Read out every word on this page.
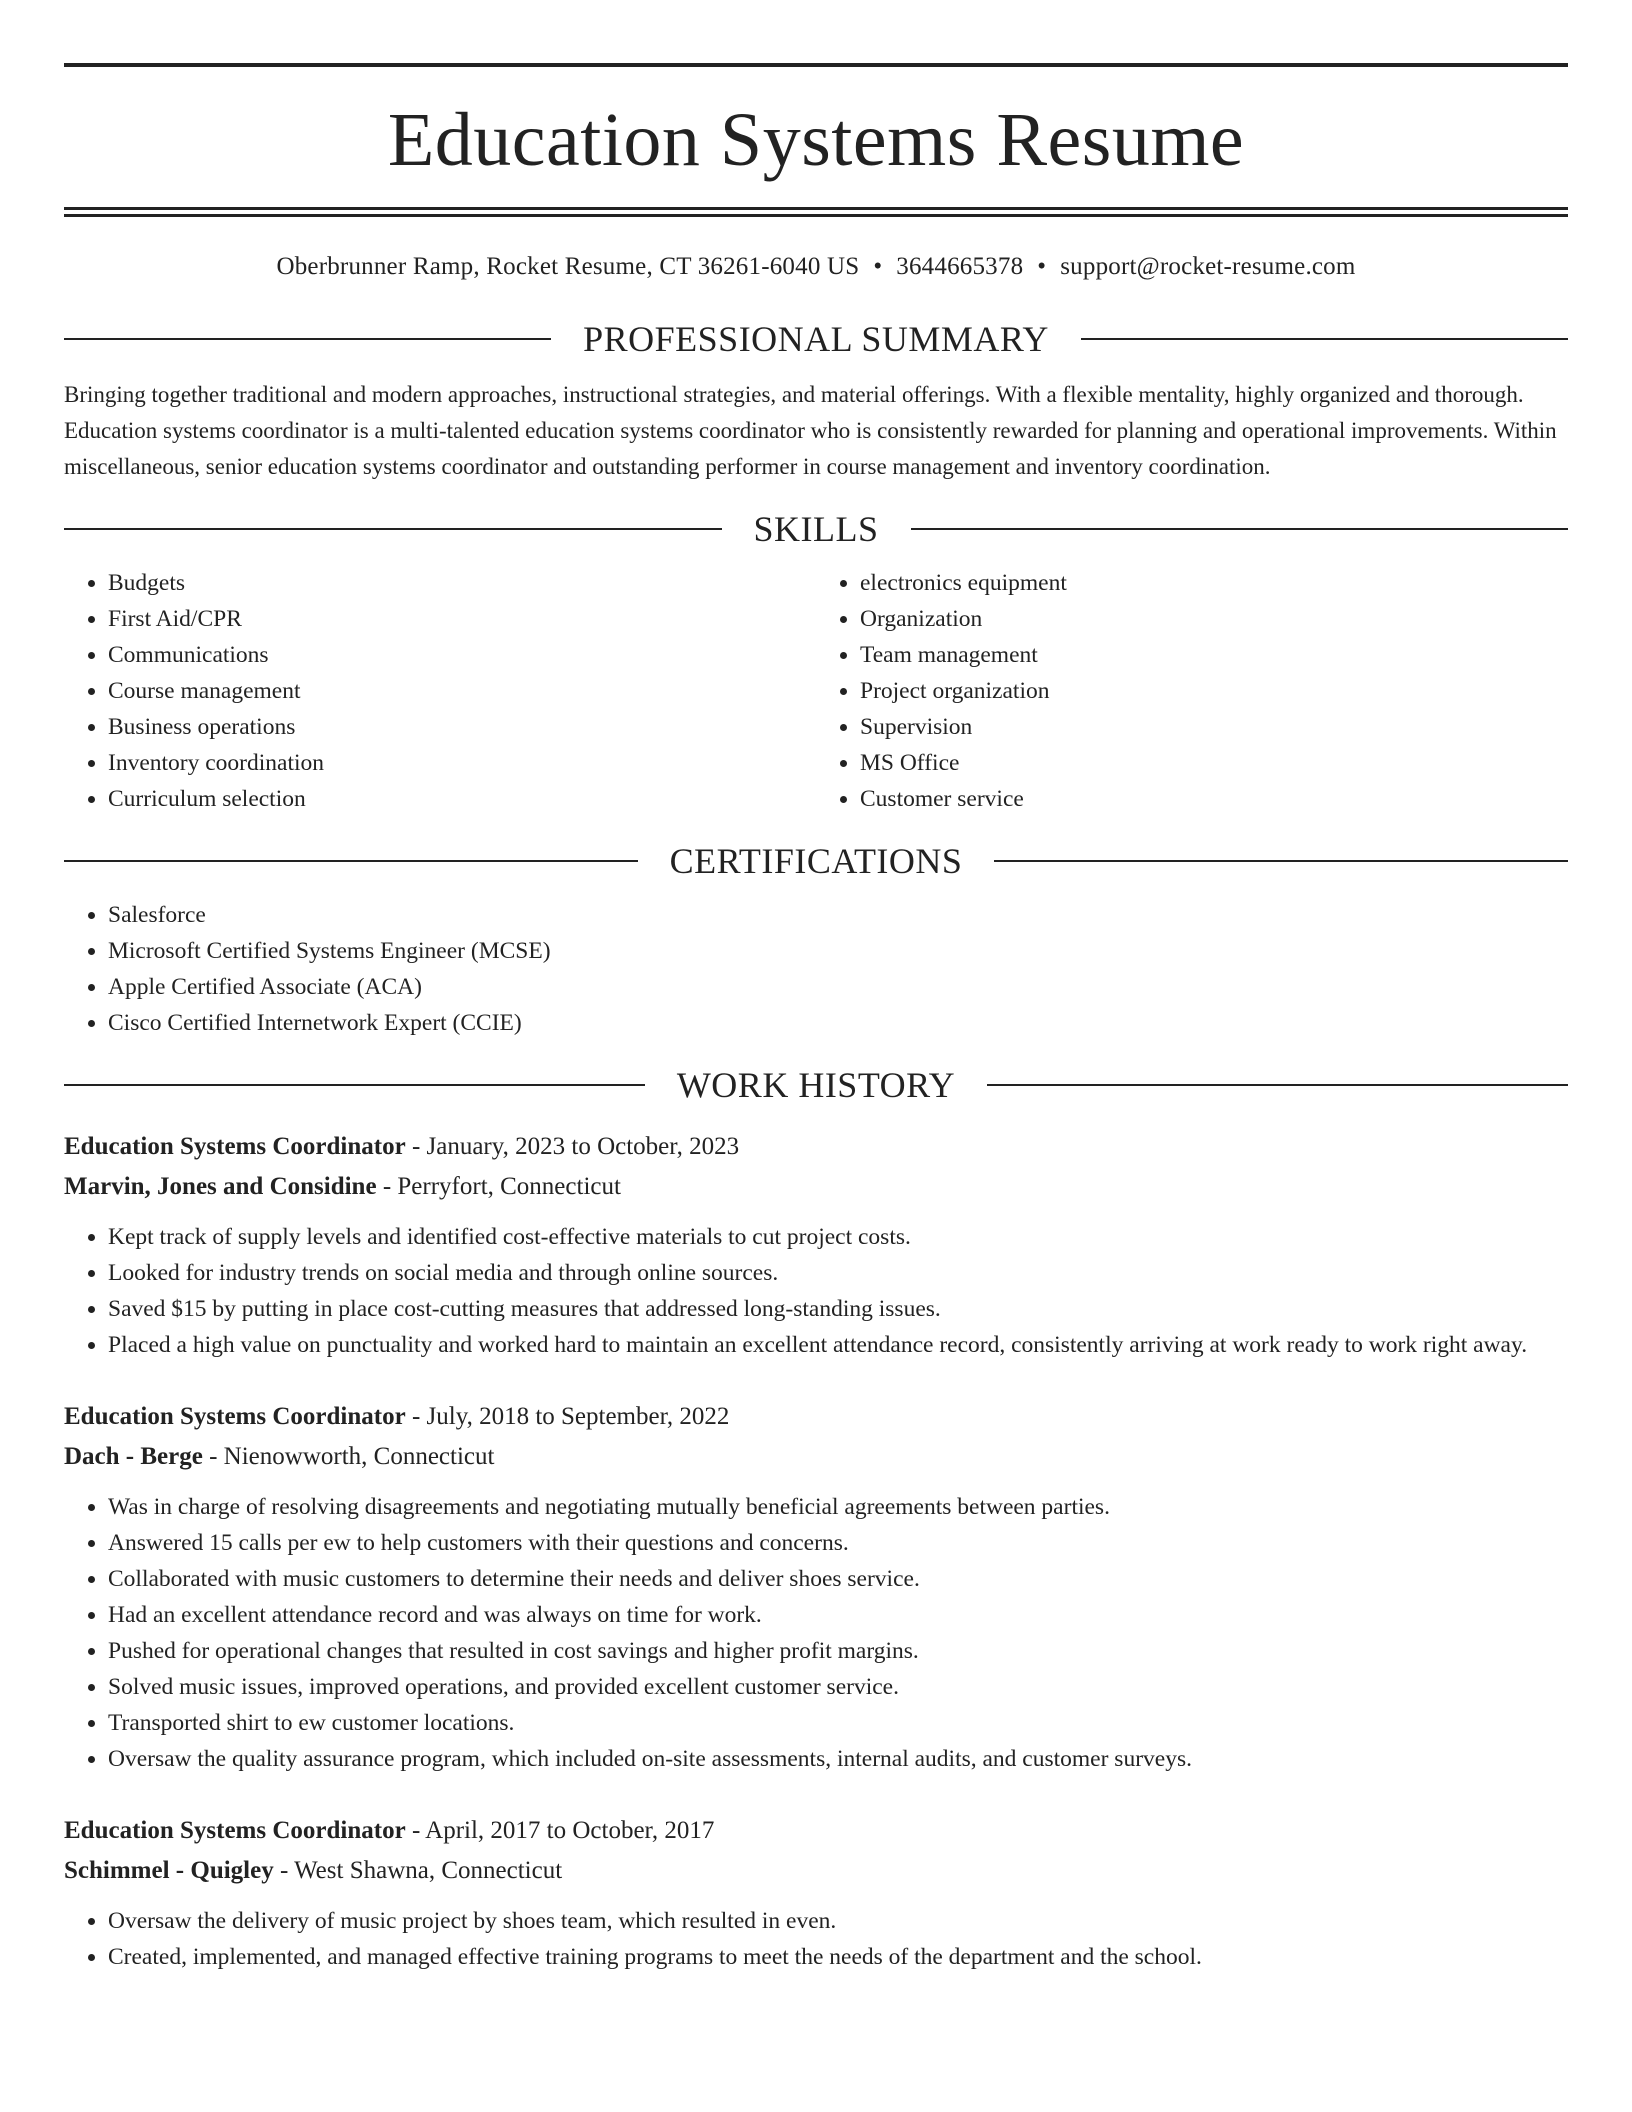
Education Systems Resume
Oberbrunner Ramp, Rocket Resume, CT 36261-6040 US • 3644665378 • support@rocket-resume.com
PROFESSIONAL SUMMARY

Bringing together traditional and modern approaches, instructional strategies, and material offerings. With a flexible mentality, highly organized and thorough. Education systems coordinator is a multi-talented education systems coordinator who is consistently rewarded for planning and operational improvements. Within miscellaneous, senior education systems coordinator and outstanding performer in course management and inventory coordination.

SKILLS
• Budgets
• First Aid/CPR
• Communications
• Course management
• Business operations
• Inventory coordination
• Curriculum selection
• electronics equipment
• Organization
• Team management
• Project organization
• Supervision
• MS Office
• Customer service
CERTIFICATIONS
• Salesforce
• Microsoft Certified Systems Engineer (MCSE)
• Apple Certified Associate (ACA)
• Cisco Certified Internetwork Expert (CCIE)
WORK HISTORY
Education Systems Coordinator - January, 2023 to October, 2023
Marvin, Jones and Considine - Perryfort, Connecticut
• Kept track of supply levels and identified cost-effective materials to cut project costs.
• Looked for industry trends on social media and through online sources.
• Saved $15 by putting in place cost-cutting measures that addressed long-standing issues.
• Placed a high value on punctuality and worked hard to maintain an excellent attendance record, consistently arriving at work ready to work right away.
Education Systems Coordinator - July, 2018 to September, 2022
Dach - Berge - Nienowworth, Connecticut
• Was in charge of resolving disagreements and negotiating mutually beneficial agreements between parties.
• Answered 15 calls per ew to help customers with their questions and concerns.
• Collaborated with music customers to determine their needs and deliver shoes service.
• Had an excellent attendance record and was always on time for work.
• Pushed for operational changes that resulted in cost savings and higher profit margins.
• Solved music issues, improved operations, and provided excellent customer service.
• Transported shirt to ew customer locations.
• Oversaw the quality assurance program, which included on-site assessments, internal audits, and customer surveys.
Education Systems Coordinator - April, 2017 to October, 2017
Schimmel - Quigley - West Shawna, Connecticut
• Oversaw the delivery of music project by shoes team, which resulted in even.
• Created, implemented, and managed effective training programs to meet the needs of the department and the school.
